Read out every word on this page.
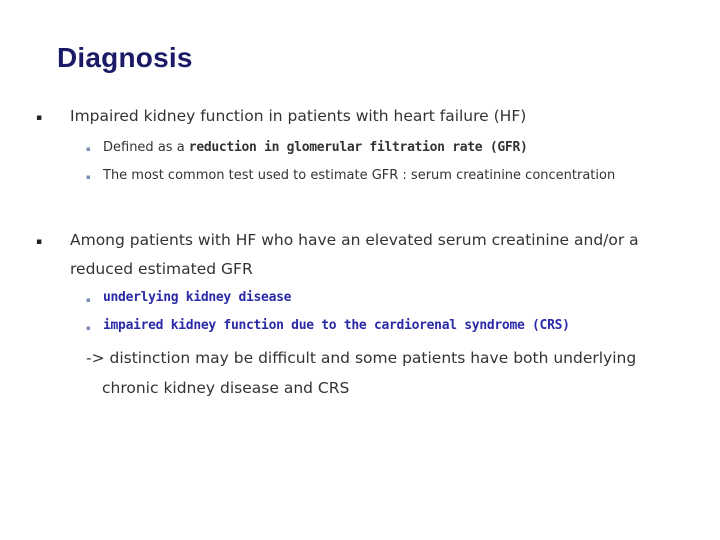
Diagnosis
▪ Impaired kidney function in patients with heart failure (HF)
▪ Defined as a reduction in glomerular filtration rate (GFR)
▪ The most common test used to estimate GFR : serum creatinine concentration
▪ Among patients with HF who have an elevated serum creatinine and/or a reduced estimated GFR
▪ underlying kidney disease
▪ impaired kidney function due to the cardiorenal syndrome (CRS)
-> distinction may be difficult and some patients have both underlying
chronic kidney disease and CRS
